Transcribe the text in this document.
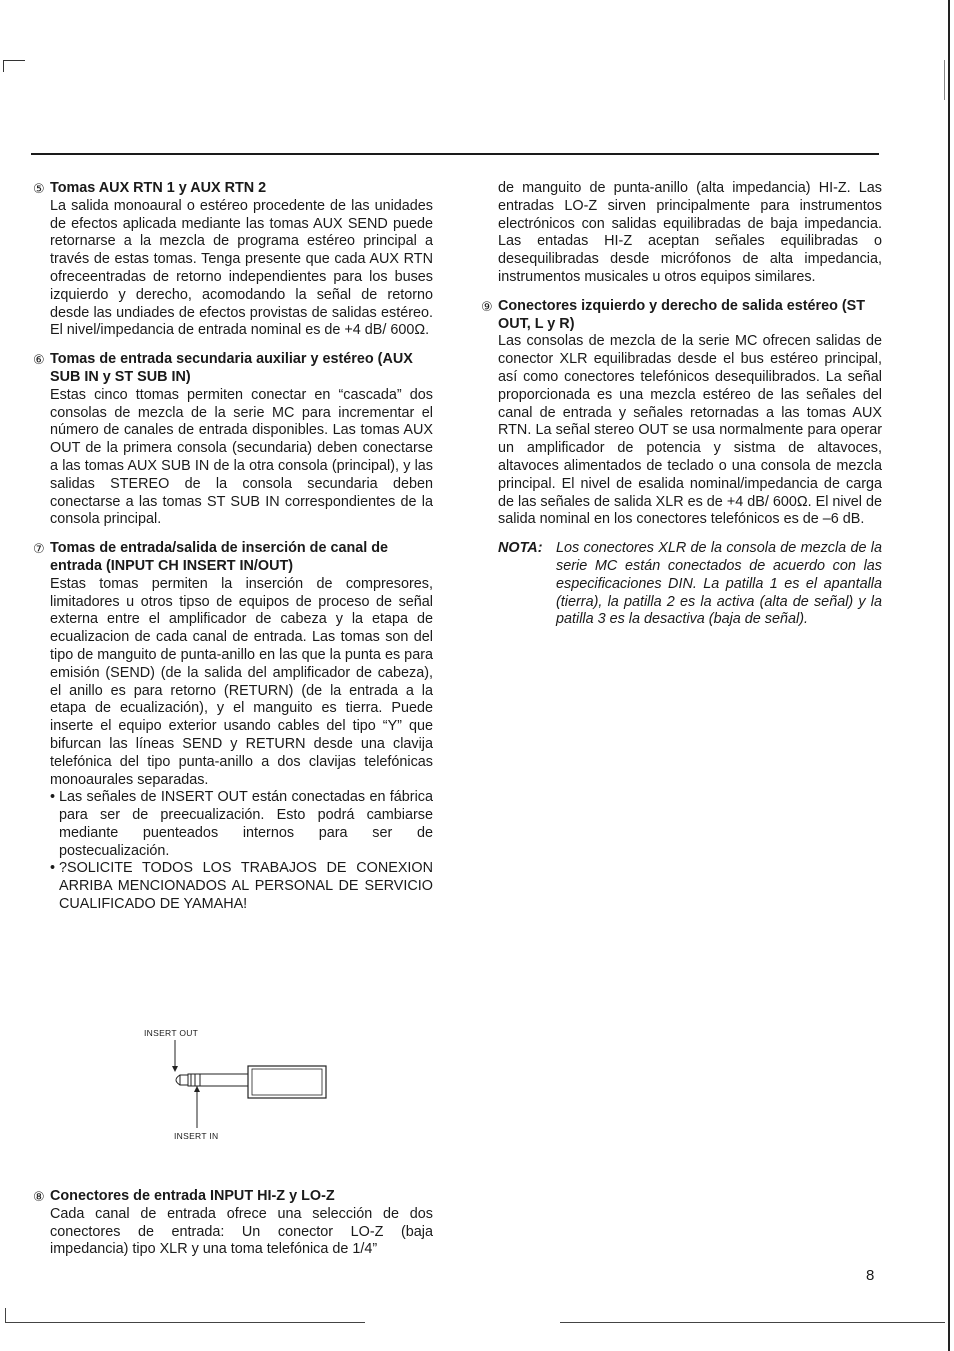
⑤ Tomas AUX RTN 1 y AUX RTN 2
La salida monoaural o estéreo procedente de las unidades de efectos aplicada mediante las tomas AUX SEND puede retornarse a la mezcla de programa estéreo principal a través de estas tomas. Tenga presente que cada AUX RTN ofreceentradas de retorno independientes para los buses izquierdo y derecho, acomodando la señal de retorno desde las undiades de efectos provistas de salidas estéreo. El nivel/impedancia de entrada nominal es de +4 dB/ 600Ω.
⑥ Tomas de entrada secundaria auxiliar y estéreo (AUX SUB IN y ST SUB IN)
Estas cinco ttomas permiten conectar en “cascada” dos consolas de mezcla de la serie MC para incrementar el número de canales de entrada disponibles. Las tomas AUX OUT de la primera consola (secundaria) deben conectarse a las tomas AUX SUB IN de la otra consola (principal), y las salidas STEREO de la consola secundaria deben conectarse a las tomas ST SUB IN correspondientes de la consola principal.
⑦ Tomas de entrada/salida de inserción de canal de entrada (INPUT CH INSERT IN/OUT)
Estas tomas permiten la inserción de compresores, limitadores u otros tipso de equipos de proceso de señal externa entre el amplificador de cabeza y la etapa de ecualizacion de cada canal de entrada. Las tomas son del tipo de manguito de punta-anillo en las que la punta es para emisión (SEND) (de la salida del amplificador de cabeza), el anillo es para retorno (RETURN) (de la entrada a la etapa de ecualización), y el manguito es tierra. Puede inserte el equipo exterior usando cables del tipo “Y” que bifurcan las líneas SEND y RETURN desde una clavija telefónica del tipo punta-anillo a dos clavijas telefónicas monoaurales separadas.
• Las señales de INSERT OUT están conectadas en fábrica para ser de preecualización. Esto podrá cambiarse mediante puenteados internos para ser de postecualización.
• ?SOLICITE TODOS LOS TRABAJOS DE CONEXION ARRIBA MENCIONADOS AL PERSONAL DE SERVICIO CUALIFICADO DE YAMAHA!
INSERT OUT
INSERT IN
⑧ Conectores de entrada INPUT HI-Z y LO-Z
Cada canal de entrada ofrece una selección de dos conectores de entrada: Un conector LO-Z (baja impedancia) tipo XLR y una toma telefónica de 1/4”
de manguito de punta-anillo (alta impedancia) HI-Z. Las entradas LO-Z sirven principalmente para instrumentos electrónicos con salidas equilibradas de baja impedancia. Las entadas HI-Z aceptan señales equilibradas o desequilibradas desde micrófonos de alta impedancia, instrumentos musicales u otros equipos similares.
⑨ Conectores izquierdo y derecho de salida estéreo (ST OUT, L y R)
Las consolas de mezcla de la serie MC ofrecen salidas de conector XLR equilibradas desde el bus estéreo principal, así como conectores telefónicos desequilibrados. La señal proporcionada es una mezcla estéreo de las señales del canal de entrada y señales retornadas a las tomas AUX RTN. La señal stereo OUT se usa normalmente para operar un amplificador de potencia y sistma de altavoces, altavoces alimentados de teclado o una consola de mezcla principal. El nivel de esalida nominal/impedancia de carga de las señales de salida XLR es de +4 dB/ 600Ω. El nivel de salida nominal en los conectores telefónicos es de –6 dB.
NOTA: Los conectores XLR de la consola de mezcla de la serie MC están conectados de acuerdo con las especificaciones DIN. La patilla 1 es el apantalla (tierra), la patilla 2 es la activa (alta de señal) y la patilla 3 es la desactiva (baja de señal).
8
